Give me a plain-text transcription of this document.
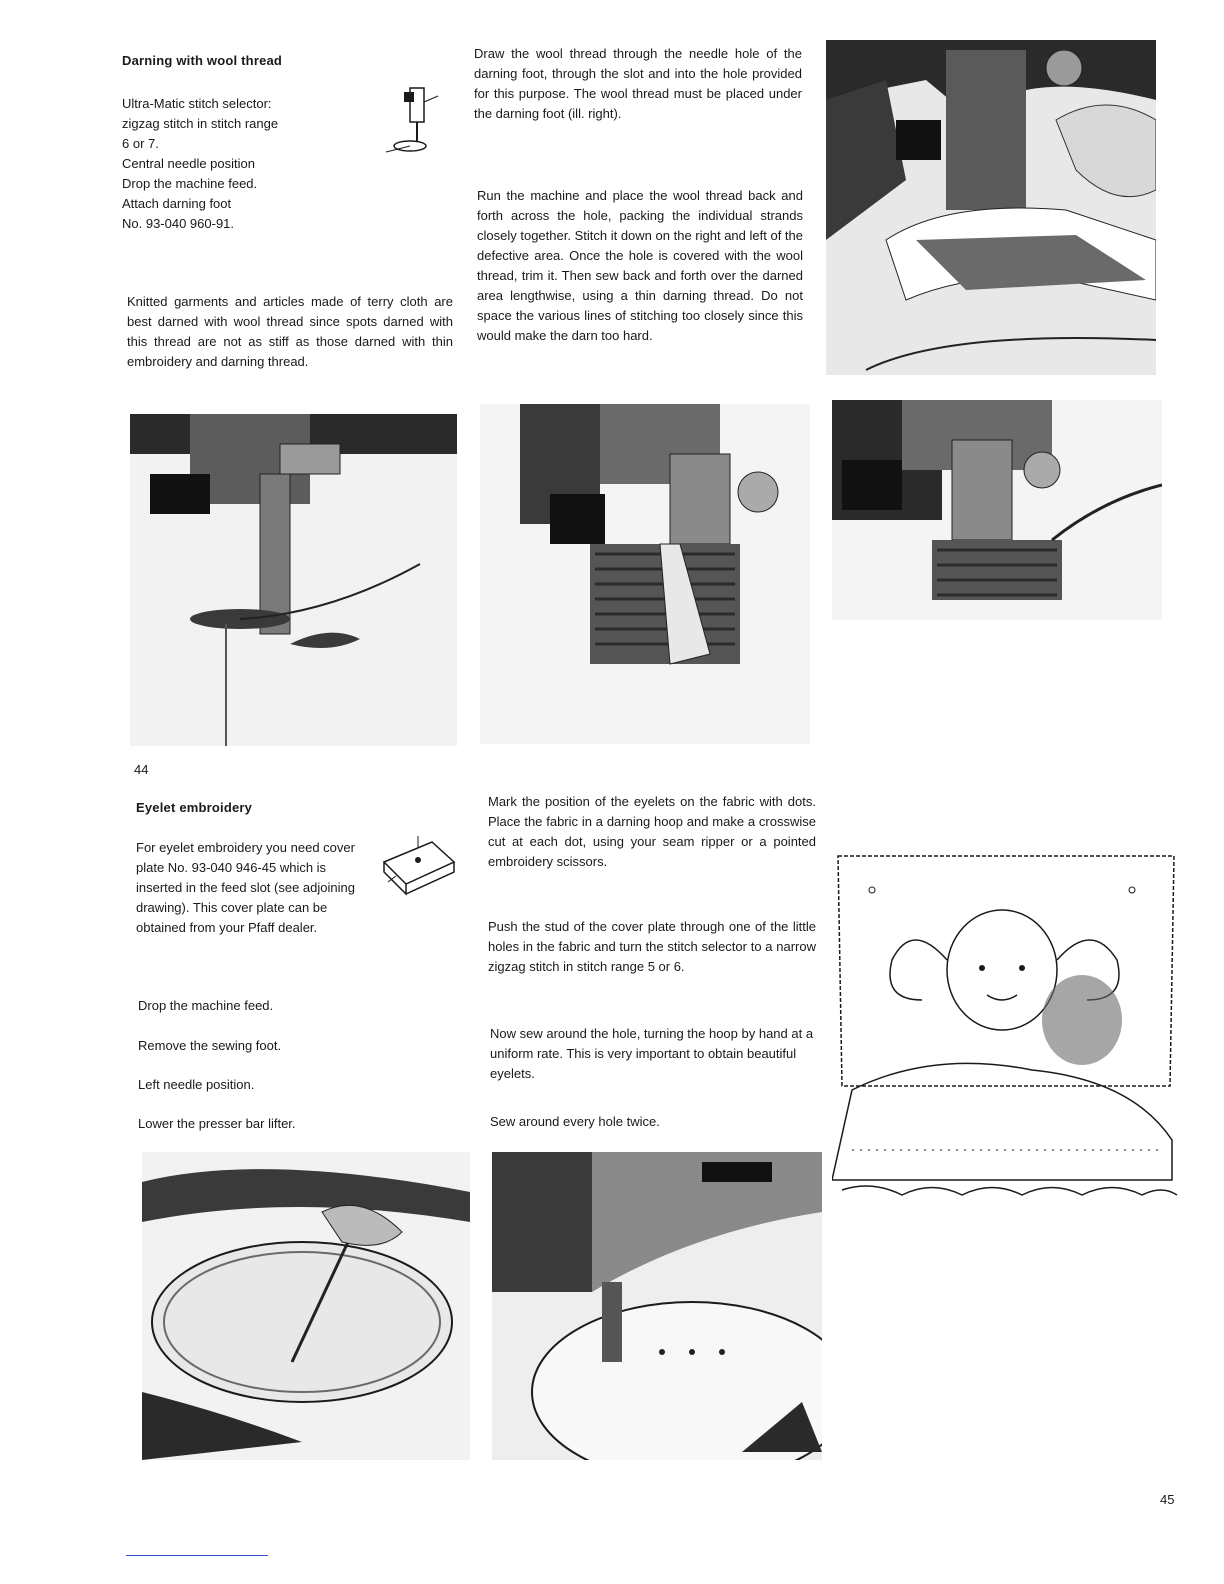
Darning with wool thread
Ultra-Matic stitch selector:
zigzag stitch in stitch range
6 or 7.
Central needle position
Drop the machine feed.
Attach darning foot
No. 93-040 960-91.

Knitted garments and articles made of terry cloth are best darned with wool thread since spots darned with this thread are not as stiff as those darned with thin embroidery and darning thread.

Draw the wool thread through the needle hole of the darning foot, through the slot and into the hole provided for this purpose. The wool thread must be placed under the darning foot (ill. right).

Run the machine and place the wool thread back and forth across the hole, packing the individual strands closely together. Stitch it down on the right and left of the defective area. Once the hole is covered with the wool thread, trim it. Then sew back and forth over the darned area lengthwise, using a thin darning thread. Do not space the various lines of stitching too closely since this would make the darn too hard.

44
Eyelet embroidery

For eyelet embroidery you need cover plate No. 93-040 946-45 which is inserted in the feed slot (see adjoining drawing). This cover plate can be obtained from your Pfaff dealer.

Drop the machine feed.
Remove the sewing foot.
Left needle position.
Lower the presser bar lifter.

Mark the position of the eyelets on the fabric with dots. Place the fabric in a darning hoop and make a crosswise cut at each dot, using your seam ripper or a pointed embroidery scissors.

Push the stud of the cover plate through one of the little holes in the fabric and turn the stitch selector to a narrow zigzag stitch in stitch range 5 or 6.

Now sew around the hole, turning the hoop by hand at a uniform rate. This is very important to obtain beautiful eyelets.

Sew around every hole twice.
45
